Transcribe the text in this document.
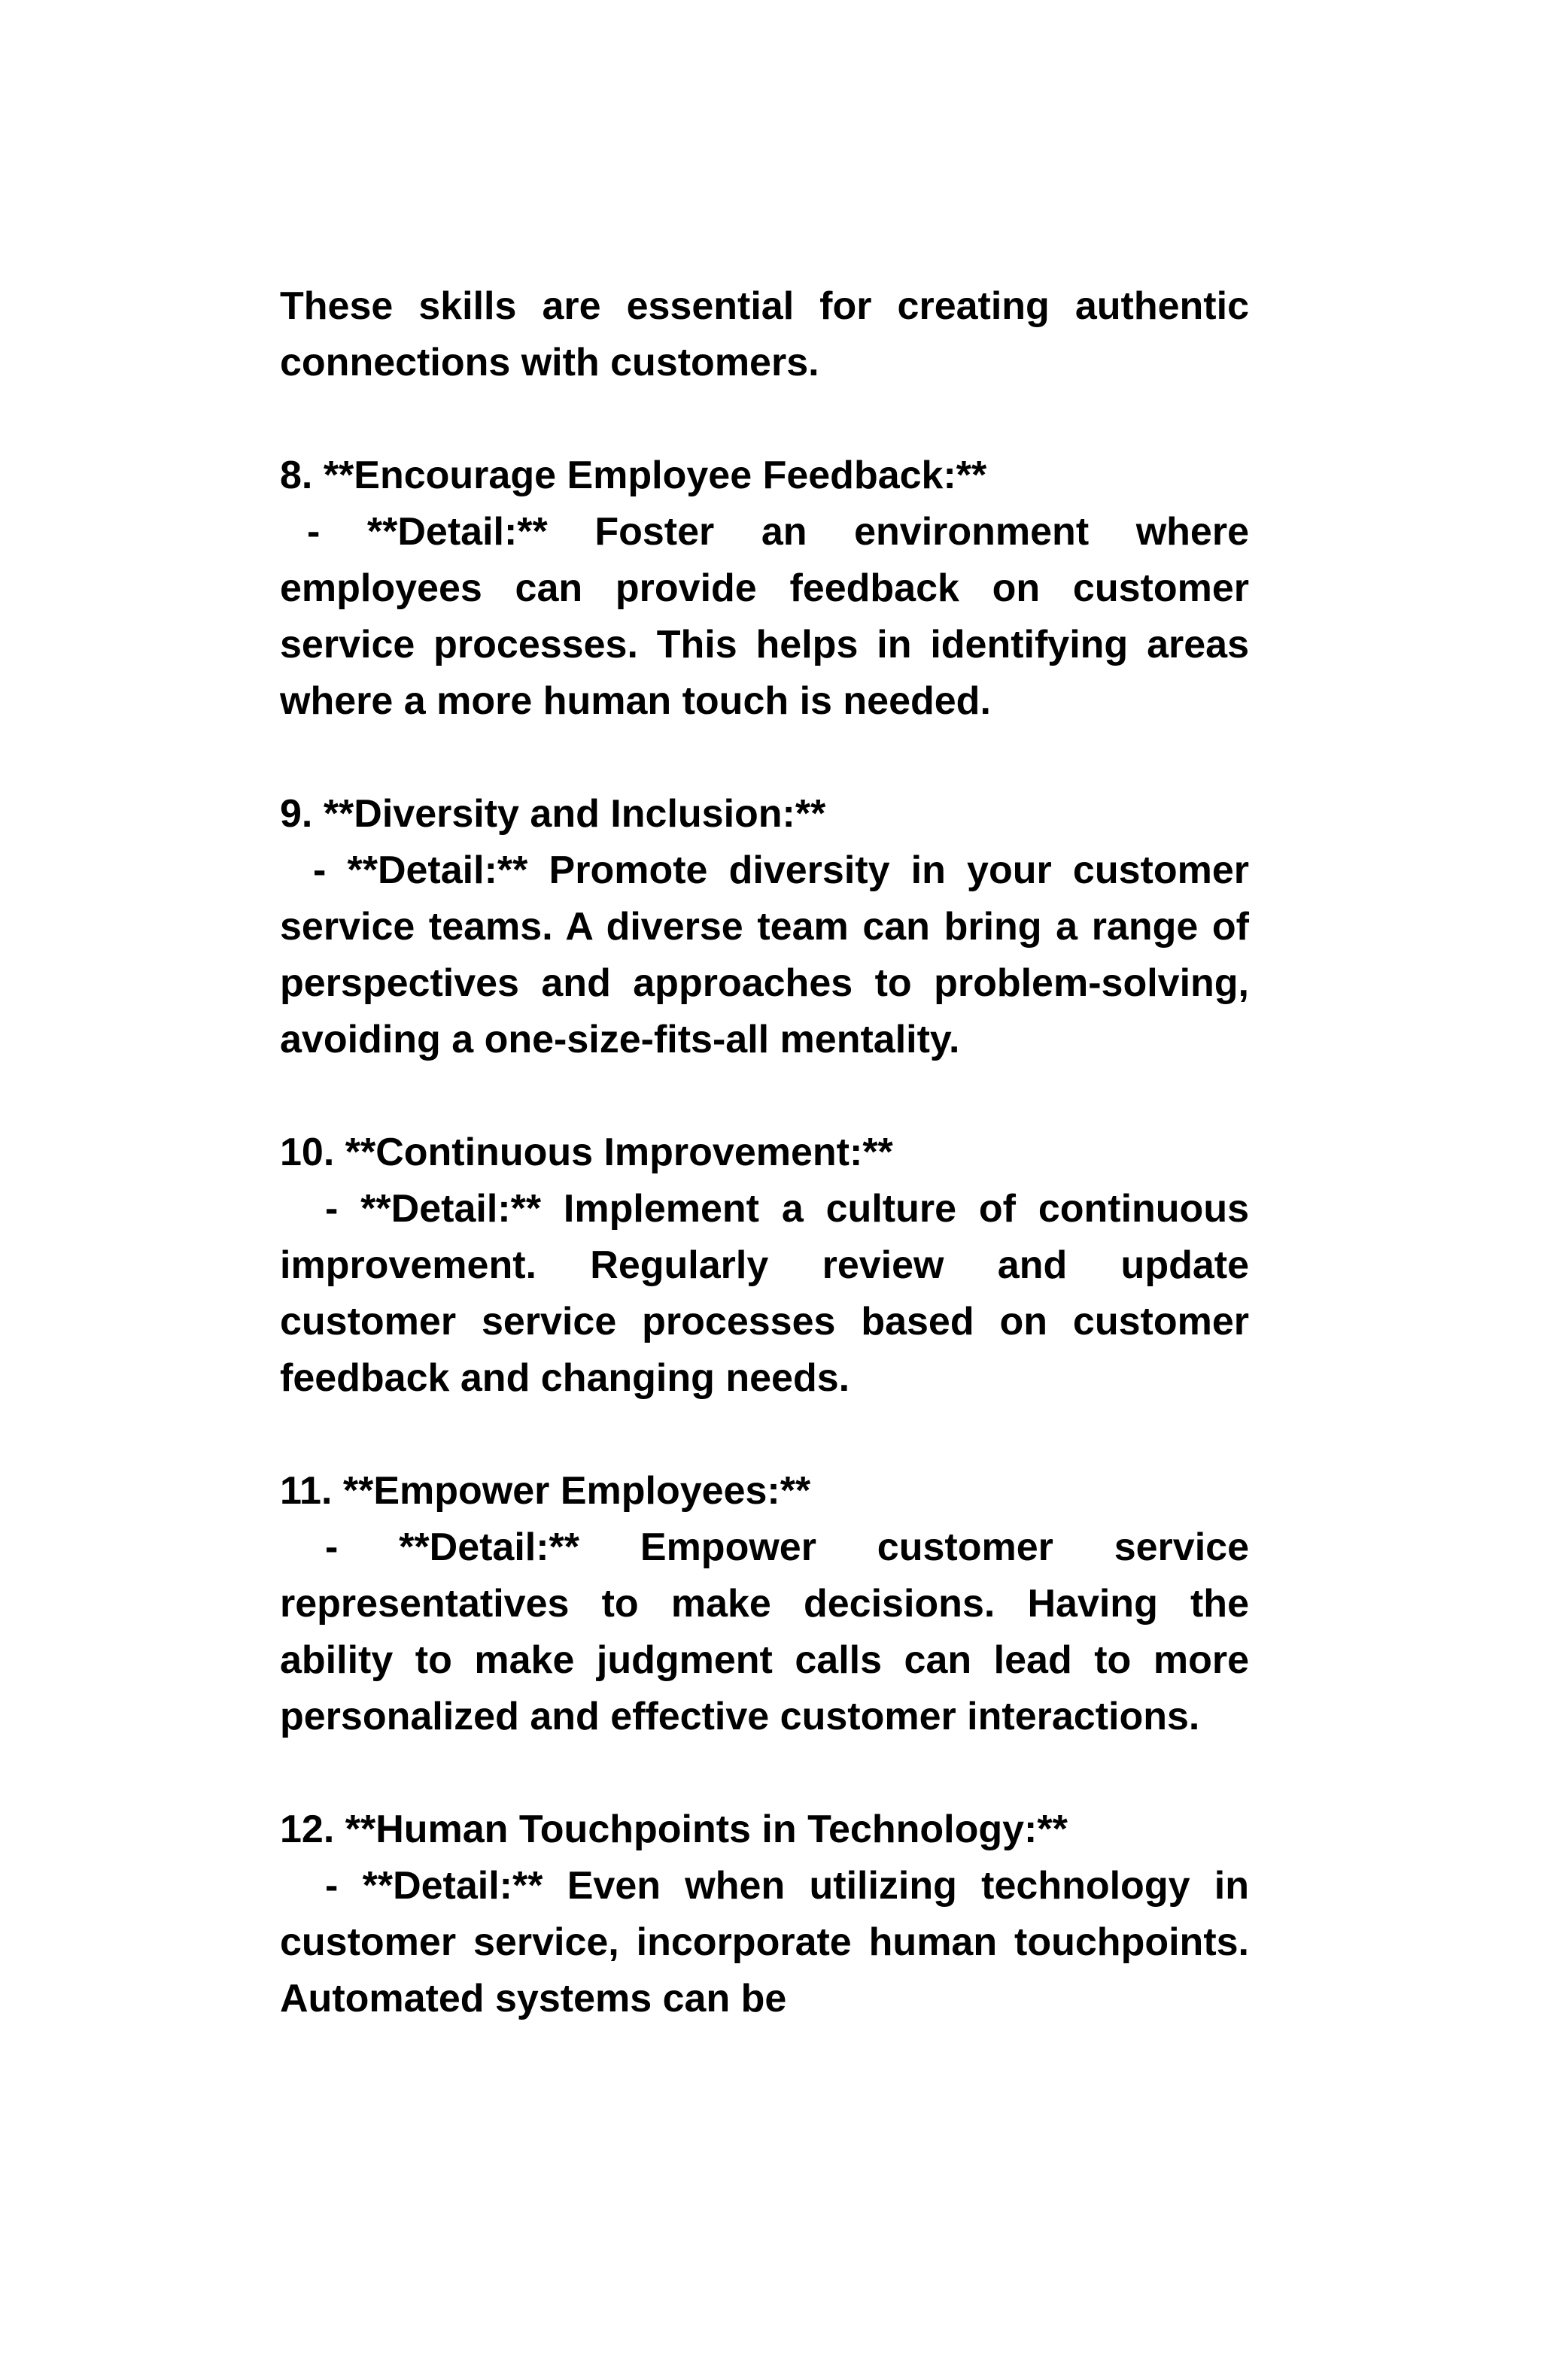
These skills are essential for creating authentic connections with customers.

8. **Encourage Employee Feedback:**

- **Detail:** Foster an environment where employees can provide feedback on customer service processes. This helps in identifying areas where a more human touch is needed.

9. **Diversity and Inclusion:**

- **Detail:** Promote diversity in your customer service teams. A diverse team can bring a range of perspectives and approaches to problem-solving, avoiding a one-size-fits-all mentality.

10. **Continuous Improvement:**

- **Detail:** Implement a culture of continuous improvement. Regularly review and update customer service processes based on customer feedback and changing needs.

11. **Empower Employees:**

- **Detail:** Empower customer service representatives to make decisions. Having the ability to make judgment calls can lead to more personalized and effective customer interactions.

12. **Human Touchpoints in Technology:**

- **Detail:** Even when utilizing technology in customer service, incorporate human touchpoints. Automated systems can be
